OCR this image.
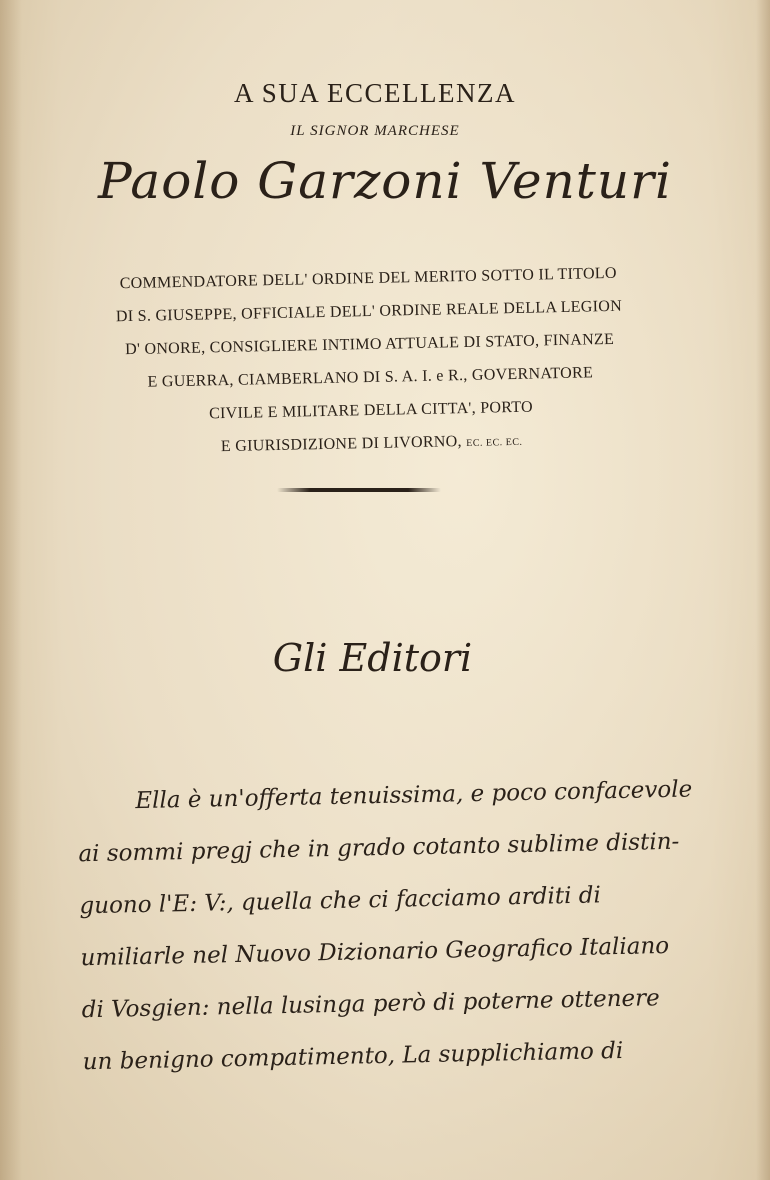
A SUA ECCELLENZA
IL SIGNOR MARCHESE
Paolo Garzoni Venturi
COMMENDATORE DELL' ORDINE DEL MERITO SOTTO IL TITOLO
DI S. GIUSEPPE, OFFICIALE DELL' ORDINE REALE DELLA LEGION
D' ONORE, CONSIGLIERE INTIMO ATTUALE DI STATO, FINANZE
E GUERRA, CIAMBERLANO DI S. A. I. e R., GOVERNATORE
CIVILE E MILITARE DELLA CITTA', PORTO
E GIURISDIZIONE DI LIVORNO, EC. EC. EC.
Gli Editori
Ella è un'offerta tenuissima, e poco confacevole
ai sommi pregj che in grado cotanto sublime distin-
guono l'E: V:, quella che ci facciamo arditi di
umiliarle nel Nuovo Dizionario Geografico Italiano
di Vosgien: nella lusinga però di poterne ottenere
un benigno compatimento, La supplichiamo di
